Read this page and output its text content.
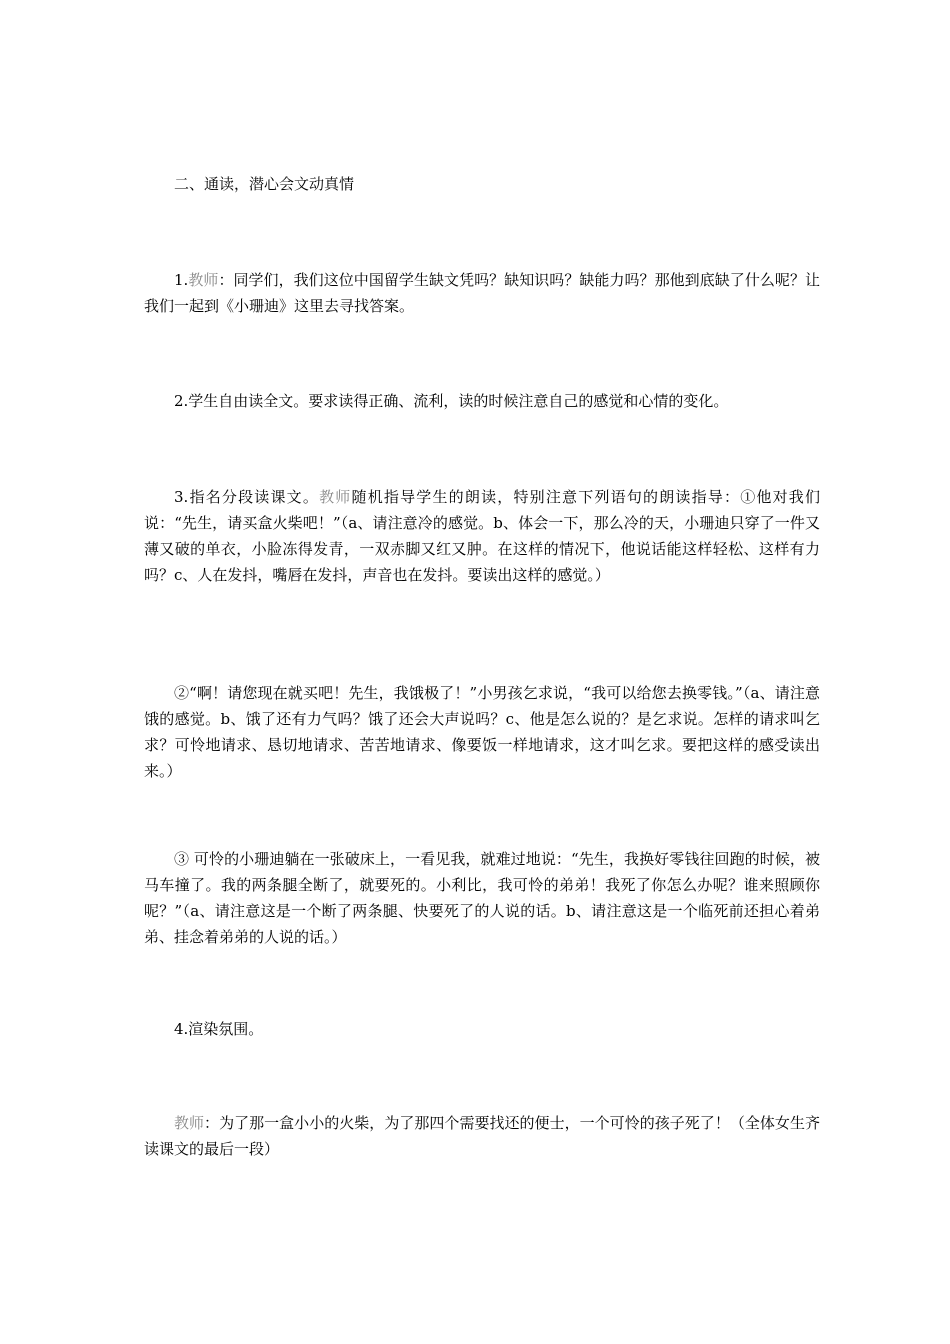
二、通读，潜心会文动真情

1.教师：同学们，我们这位中国留学生缺文凭吗？缺知识吗？缺能力吗？那他到底缺了什么呢？让我们一起到《小珊迪》这里去寻找答案。

2.学生自由读全文。要求读得正确、流利，读的时候注意自己的感觉和心情的变化。

3.指名分段读课文。教师随机指导学生的朗读，特别注意下列语句的朗读指导：①他对我们说：“先生，请买盒火柴吧！”（a、请注意冷的感觉。b、体会一下，那么冷的天，小珊迪只穿了一件又薄又破的单衣，小脸冻得发青，一双赤脚又红又肿。在这样的情况下，他说话能这样轻松、这样有力吗？c、人在发抖，嘴唇在发抖，声音也在发抖。要读出这样的感觉。）

②“啊！请您现在就买吧！先生，我饿极了！”小男孩乞求说，“我可以给您去换零钱。”（a、请注意饿的感觉。b、饿了还有力气吗？饿了还会大声说吗？c、他是怎么说的？是乞求说。怎样的请求叫乞求？可怜地请求、恳切地请求、苦苦地请求、像要饭一样地请求，这才叫乞求。要把这样的感受读出来。）

③ 可怜的小珊迪躺在一张破床上，一看见我，就难过地说：“先生，我换好零钱往回跑的时候，被马车撞了。我的两条腿全断了，就要死的。小利比，我可怜的弟弟！我死了你怎么办呢？谁来照顾你呢？”（a、请注意这是一个断了两条腿、快要死了的人说的话。b、请注意这是一个临死前还担心着弟弟、挂念着弟弟的人说的话。）

4.渲染氛围。

教师：为了那一盒小小的火柴，为了那四个需要找还的便士，一个可怜的孩子死了！（全体女生齐读课文的最后一段）
